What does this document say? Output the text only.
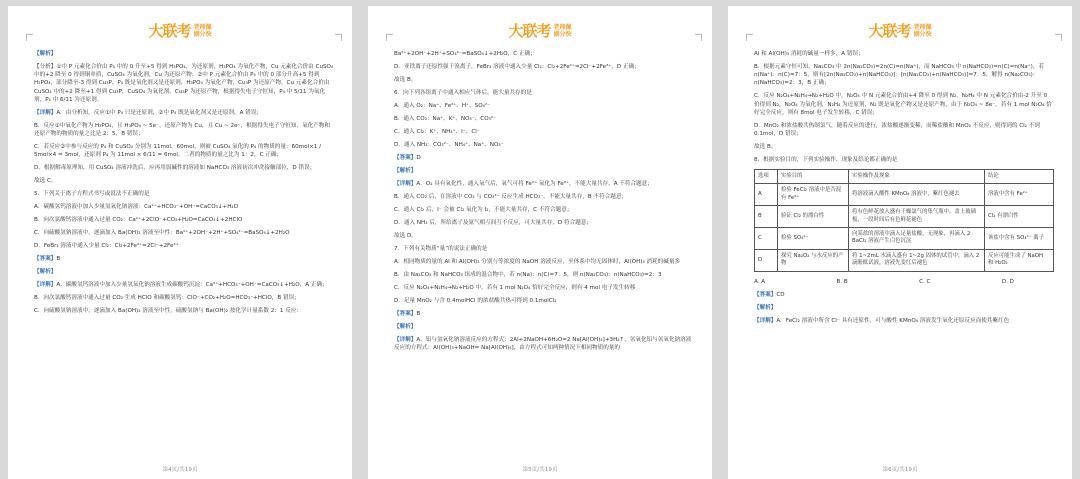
大联考 老师佩
湖分快

【解析】

【分析】①中 P 元素化合价由 P₄ 中的 0 升至+5 得到 H₃PO₄，为还原剂，H₃PO₄ 为氧化产物，Cu 元素化合价由 CuSO₄ 中的+2 降至 0 得到铜单质，CuSO₄ 为氧化剂，Cu 为还原产物；②中 P 元素化合价由 P₄ 中的 0 部分升高+5 得到 H₃PO₄，部分降至-3 得到 Cu₃P，P₄ 既是氧化剂又是还原剂，H₃PO₄ 为氧化产物，Cu₃P 为还原产物，Cu 元素化合价由 CuSO₄ 中的+2 降至+1 得到 Cu₃P，CuSO₄ 为氧化剂，Cu₃P 为还原产物，根据得失电子守恒知，P₄ 中 5/11 为氧化剂，P₄ 中 6/11 为还原剂。

【详解】A．由分析知，反应①中 P₄ 只是还原剂，②中 P₄ 既是氧化剂又是还原剂，A 错误；

B．反应①中氧化产物为 H₃PO₄，且 H₃PO₄ ~ 5e⁻，还原产物为 Cu，且 Cu ~ 2e⁻，根据得失电子守恒知，氧化产物和还原产物的物质的量之比是 2：5，B 错误；

C．若反应②中参与反应的 P₄ 和 CuSO₄ 分别为 11mol、60mol，则被 CuSO₄ 氧化的 P₄ 的物质的量：60mol×1 / 5mol×4 = 3mol，还原剂 P₄ 为 11mol × 6/11 = 6mol，二者的物质的量之比为 1：2，C 正确；

D．根据解毒原理知，用 CuSO₄ 溶液冲洗后，应再用弱碱性的溶液如 NaHCO₃ 溶液初次冲洗接触部位，D 错误；

故选 C。

5．下列关于离子方程式书写或说法不正确的是

A．碳酸氢钙溶液中加入少量氢氧化钠溶液：Ca²⁺+HCO₃⁻+OH⁻=CaCO₃↓+H₂O

B．向次氯酸钙溶液中通入过量 CO₂：Ca²⁺+2ClO⁻+CO₂+H₂O=CaCO₃↓+2HClO

C．向硫酸氢钠溶液中，逐滴加入 Ba(OH)₂ 溶液至中性：Ba²⁺+2OH⁻+2H⁺+SO₄²⁻=BaSO₄↓+2H₂O

D．FeBr₂ 溶液中通入少量 Cl₂：Cl₂+2Fe²⁺=2Cl⁻+2Fe³⁺

【答案】B

【解析】

【详解】A．碳酸氢钙溶液中加入少量氢氧化钠溶液生成碳酸钙沉淀：Ca²⁺+HCO₃⁻+OH⁻=CaCO₃↓+H₂O，A 正确；

B．向次氯酸钙溶液中通入过量 CO₂ 生成 HClO 和碳酸氢钙：ClO⁻+CO₂+H₂O=HCO₃⁻+HClO，B 错误；

C．向硫酸氢钠溶液中，逐滴加入 Ba(OH)₂ 溶液至中性，硫酸氢钠与 Ba(OH)₂ 按化学计量系数 2：1 反应：

第4页/共19页
大联考 老师佩
湖分快

Ba²⁺+2OH⁻+2H⁺+SO₄²⁻=BaSO₄↓+2H₂O，C 正确；

D．亚铁离子还原性强于溴离子，FeBr₂ 溶液中通入少量 Cl₂：Cl₂+2Fe²⁺=2Cl⁻+2Fe³⁺，D 正确；

故选 B。

6．向下列各组离子中通入相应气体后，能大量共存的是

A．通入 O₂：Na⁺、Fe²⁺、H⁺、SO₄²⁻

B．通入 CO₂：Na⁺、K⁺、NO₃⁻、CO₃²⁻

C．通入 Cl₂：K⁺、NH₄⁺、I⁻、Cl⁻

D．通入 NH₃：CO₃²⁻、NH₄⁺、Na⁺、NO₃⁻

【答案】D

【解析】

【详解】A．O₂ 具有氧化性，通入氧气后，氧气可将 Fe²⁺ 氧化为 Fe³⁺，不能大量共存，A 不符合题意；

B．通入 CO₂ 后，在溶液中 CO₂ 与 CO₃²⁻ 反应生成 HCO₃⁻，不能大量共存，B 不符合题意；

C．通入 Cl₂ 后，I⁻ 会被 Cl₂ 氧化为 I₂，不能大量共存，C 不符合题意；

D．通入 NH₃ 后，所给离子及氨气相互间互不反应，可大量共存，D 符合题意；

故选 D。

7．下列有关物质“量”的说法正确的是

A．相同物质的量的 Al 和 Al(OH)₃ 分别与等浓度的 NaOH 溶液反应，至体系中均无固体时，Al(OH)₃ 消耗的碱量多

B．由 Na₂CO₃ 和 NaHCO₃ 组成的混合物中，若 n(Na)：n(C)=7：5，则 n(Na₂CO₃)：n(NaHCO₃)=2：3

C．反应 N₂O₄+N₂H₄→N₂+H₂O 中，若有 1 mol N₂O₄ 恰好完全反应，则有 4 mol 电子发生转移

D．足量 MnO₂ 与含 0.4molHCl 的浓盐酸共热可得到 0.1molCl₂

【答案】B

【解析】

【详解】A．铝与氢氧化钠溶液反应的方程式：2Al+2NaOH+6H₂O=2 Na[Al(OH)₄]+3H₂↑，氢氧化铝与氢氧化钠溶液反应的方程式：Al(OH)₃+NaOH= Na[Al(OH)₄]，由方程式可知两种情况下相同物质的量的

第5页/共19页
大联考 老师佩
湖分快

Al 和 Al(OH)₃ 消耗的碱量一样多，A 错误；

B．根据元素守恒可知，Na₂CO₃ 中 2n(Na₂CO₃)=2n(C)=n(Na⁺)，而 NaHCO₃ 中 n(NaHCO₃)=n(C)=n(Na⁺)，若 n(Na⁺)：n(C)=7：5，则有[2n(Na₂CO₃)+n(NaHCO₃)]：[n(Na₂CO₃)+n(NaHCO₃)]=7：5，解得 n(Na₂CO₃)：n(NaHCO₃)=2：3，B 正确；

C．反应 N₂O₄+N₂H₄→N₂+H₂O 中，N₂O₄ 中 N 元素化合价由+4 降至 0 得到 N₂，N₂H₄ 中 N 元素化合价由-2 升至 0 价得到 N₂，N₂O₄ 为氧化剂，N₂H₄ 为还原剂，N₂ 既是氧化产物又是还原产物，由于 N₂O₄ ~ 8e⁻，若有 1 mol N₂O₄ 恰好完全反应，则有 8mol 电子发生转移，C 错误；

D．MnO₂ 和浓盐酸共热制氯气，随着反应的进行，浓盐酸逐渐变稀，而稀盐酸和 MnO₂ 不反应，则得到的 Cl₂ 不到 0.1mol，D 错误；

故选 B。

8．根据实验目的，下列实验操作、现象及结论都正确的是

选项	实验目的	实验操作及现象	结论
A	检验 FeCl₂ 溶液中是否混有 Fe²⁺	将溶液滴入酸性 KMnO₄ 溶液中，紫红色褪去	溶液中含有 Fe²⁺
B	验证 Cl₂ 的漂白性	将有色鲜花放入盛有干燥氯气的集气瓶中，盖上玻璃板，一段时间后有色鲜花褪色	Cl₂ 有漂白性
C	检验 SO₄²⁻	向某盐的溶液中滴入足量盐酸，无现象，再滴入 2 BaCl₂ 溶液产生白色沉淀	该盐中含有 SO₄²⁻ 离子
D	探究 Na₂O₂ 与水反应的产物	将 1~2mL 水滴入盛有 1~2g 固体的试管中，滴入 2 滴酚酞试液，溶液先变红后褪色	反应可能生成了 NaOH 和 H₂O₂

A. A	B. B	C. C	D. D

【答案】CD

【解析】

【详解】A．FeCl₂ 溶液中所含 Cl⁻ 具有还原性，可与酸性 KMnO₄ 溶液发生氧化还原反应而使其紫红色

第6页/共19页
